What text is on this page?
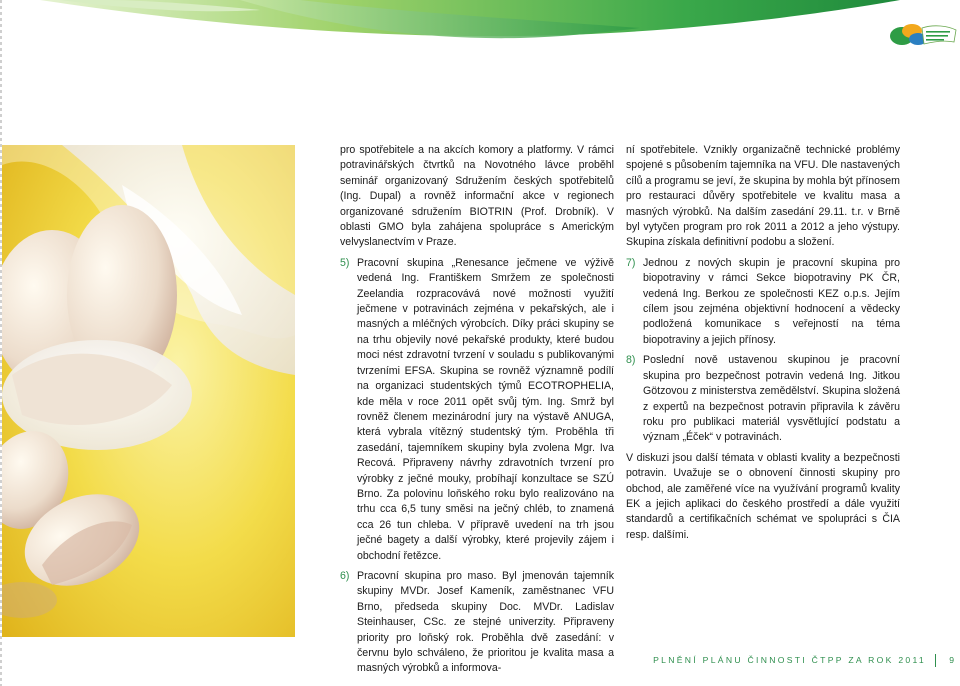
pro spotřebitele a na akcích komory a platformy. V rámci potravinářských čtvrtků na Novotného lávce proběhl seminář organizovaný Sdružením českých spotřebitelů (Ing. Dupal) a rovněž informační akce v regionech organizované sdružením BIOTRIN (Prof. Drobník). V oblasti GMO byla zahájena spolupráce s Americkým velvyslanectvím v Praze.

5) Pracovní skupina „Renesance ječmene ve výživě vedená Ing. Františkem Smržem ze společnosti Zeelandia rozpracovává nové možnosti využití ječmene v potravinách zejména v pekařských, ale i masných a mléčných výrobcích. Díky práci skupiny se na trhu objevily nové pekařské produkty, které budou moci nést zdravotní tvrzení v souladu s publikovanými tvrzeními EFSA. Skupina se rovněž významně podílí na organizaci studentských týmů ECOTROPHELIA, kde měla v roce 2011 opět svůj tým. Ing. Smrž byl rovněž členem mezinárodní jury na výstavě ANUGA, která vybrala vítězný studentský tým. Proběhla tři zasedání, tajemníkem skupiny byla zvolena Mgr. Iva Recová. Připraveny návrhy zdravotních tvrzení pro výrobky z ječné mouky, probíhají konzultace se SZÚ Brno. Za polovinu loňského roku bylo realizováno na trhu cca 6,5 tuny směsi na ječný chléb, to znamená cca 26 tun chleba. V přípravě uvedení na trh jsou ječné bagety a další výrobky, které projevily zájem i obchodní řetězce.

6) Pracovní skupina pro maso. Byl jmenován tajemník skupiny MVDr. Josef Kameník, zaměstnanec VFU Brno, předseda skupiny Doc. MVDr. Ladislav Steinhauser, CSc. ze stejné univerzity. Připraveny priority pro loňský rok. Proběhla dvě zasedání: v červnu bylo schváleno, že prioritou je kvalita masa a masných výrobků a informova-

ní spotřebitele. Vznikly organizačně technické problémy spojené s působením tajemníka na VFU. Dle nastavených cílů a programu se jeví, že skupina by mohla být přínosem pro restauraci důvěry spotřebitele ve kvalitu masa a masných výrobků. Na dalším zasedání 29.11. t.r. v Brně byl vytyčen program pro rok 2011 a 2012 a jeho výstupy. Skupina získala definitivní podobu a složení.

7) Jednou z nových skupin je pracovní skupina pro biopotraviny v rámci Sekce biopotraviny PK ČR, vedená Ing. Berkou ze společnosti KEZ o.p.s. Jejím cílem jsou zejména objektivní hodnocení a vědecky podložená komunikace s veřejností na téma biopotraviny a jejich přínosy.

8) Poslední nově ustavenou skupinou je pracovní skupina pro bezpečnost potravin vedená Ing. Jitkou Götzovou z ministerstva zemědělství. Skupina složená z expertů na bezpečnost potravin připravila k závěru roku pro publikaci materiál vysvětlující podstatu a význam „Éček“ v potravinách.

V diskuzi jsou další témata v oblasti kvality a bezpečnosti potravin. Uvažuje se o obnovení činnosti skupiny pro obchod, ale zaměřené více na využívání programů kvality EK a jejich aplikaci do českého prostředí a dále využití standardů a certifikačních schémat ve spolupráci s ČIA resp. dalšími.

PLNĚNÍ PLÁNU ČINNOSTI ČTPP ZA ROK 2011	9
